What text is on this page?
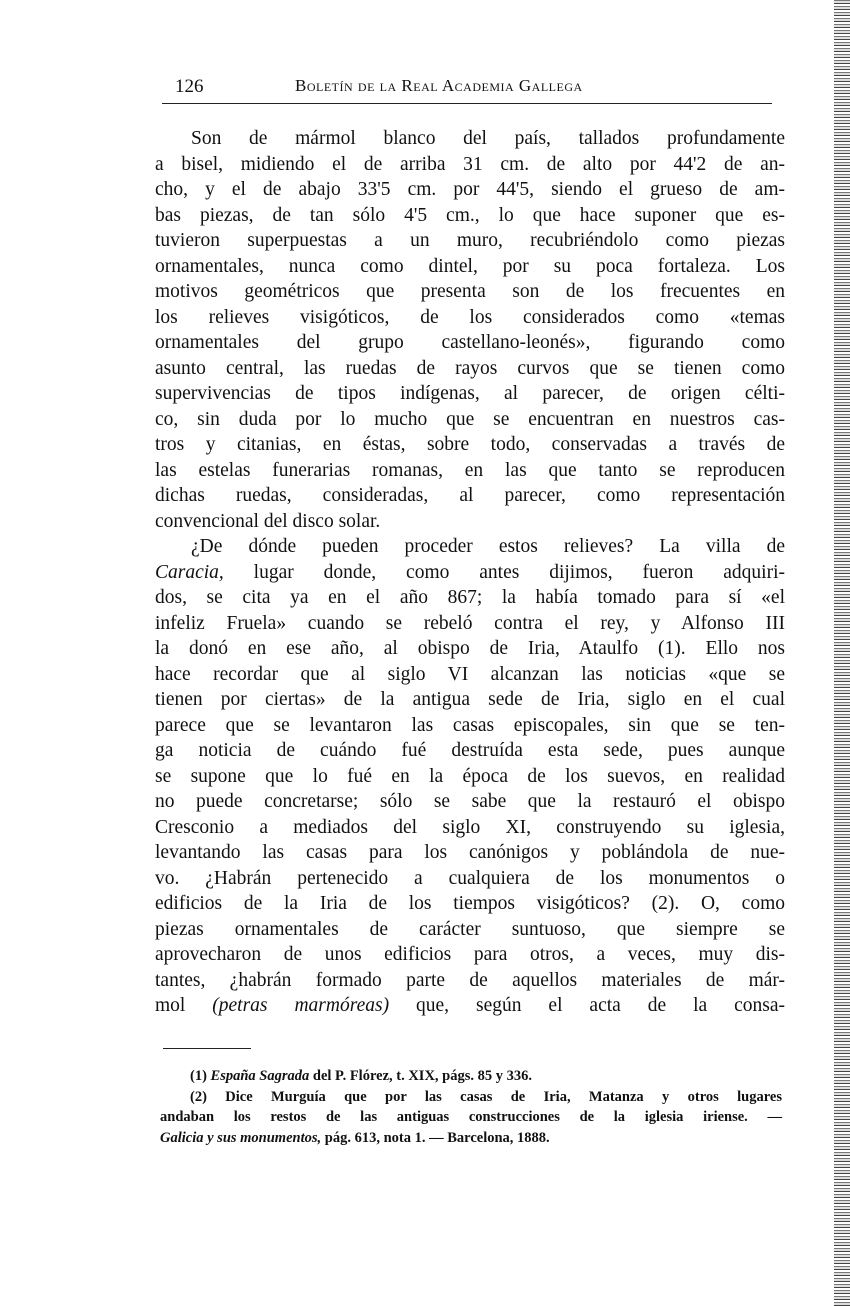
126	Boletín de la Real Academia Gallega
Son de mármol blanco del país, tallados profundamente
a bisel, midiendo el de arriba 31 cm. de alto por 44'2 de an-
cho, y el de abajo 33'5 cm. por 44'5, siendo el grueso de am-
bas piezas, de tan sólo 4'5 cm., lo que hace suponer que es-
tuvieron superpuestas a un muro, recubriéndolo como piezas
ornamentales, nunca como dintel, por su poca fortaleza. Los
motivos geométricos que presenta son de los frecuentes en
los relieves visigóticos, de los considerados como «temas
ornamentales del grupo castellano-leonés», figurando como
asunto central, las ruedas de rayos curvos que se tienen como
supervivencias de tipos indígenas, al parecer, de origen célti-
co, sin duda por lo mucho que se encuentran en nuestros cas-
tros y citanias, en éstas, sobre todo, conservadas a través de
las estelas funerarias romanas, en las que tanto se reproducen
dichas ruedas, consideradas, al parecer, como representación
convencional del disco solar.
¿De dónde pueden proceder estos relieves? La villa de
Caracia, lugar donde, como antes dijimos, fueron adquiri-
dos, se cita ya en el año 867; la había tomado para sí «el
infeliz Fruela» cuando se rebeló contra el rey, y Alfonso III
la donó en ese año, al obispo de Iria, Ataulfo (1). Ello nos
hace recordar que al siglo VI alcanzan las noticias «que se
tienen por ciertas» de la antigua sede de Iria, siglo en el cual
parece que se levantaron las casas episcopales, sin que se ten-
ga noticia de cuándo fué destruída esta sede, pues aunque
se supone que lo fué en la época de los suevos, en realidad
no puede concretarse; sólo se sabe que la restauró el obispo
Cresconio a mediados del siglo XI, construyendo su iglesia,
levantando las casas para los canónigos y poblándola de nue-
vo. ¿Habrán pertenecido a cualquiera de los monumentos o
edificios de la Iria de los tiempos visigóticos? (2). O, como
piezas ornamentales de carácter suntuoso, que siempre se
aprovecharon de unos edificios para otros, a veces, muy dis-
tantes, ¿habrán formado parte de aquellos materiales de már-
mol (petras marmóreas) que, según el acta de la consa-
(1) España Sagrada del P. Flórez, t. XIX, págs. 85 y 336.
(2) Dice Murguía que por las casas de Iria, Matanza y otros lugares
andaban los restos de las antiguas construcciones de la iglesia iriense. —
Galicia y sus monumentos, pág. 613, nota 1. — Barcelona, 1888.
